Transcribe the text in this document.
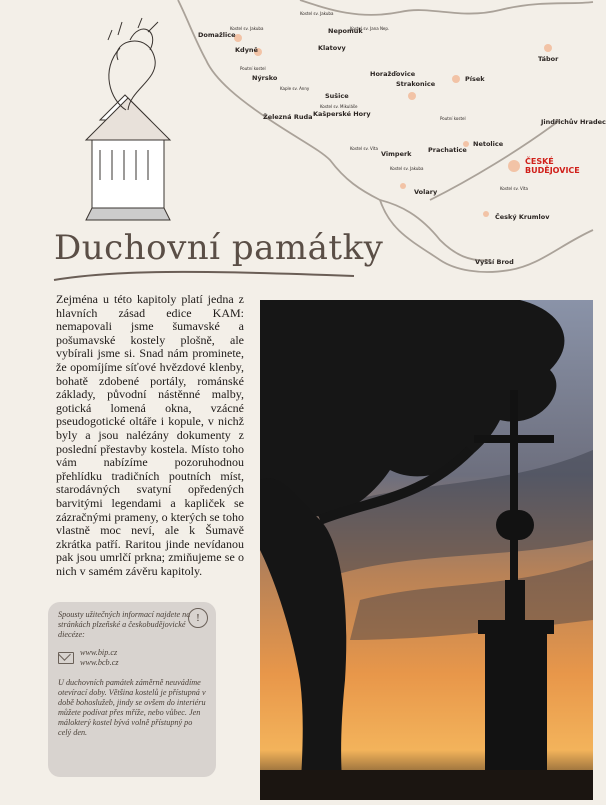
Kostel sv. Jakuba
Kostel sv. Jakuba
Kostel sv. Jana Nep.
Poutní kostel
Kaple sv. Anny
Kostel sv. Mikuláše
Kostel sv. Víta
Kostel sv. Jakuba
Poutní kostel
Kostel sv. Víta
Domažlice
Klatovy
Nepomuk
Horažďovice
Strakonice
Písek
Tábor
Jindřichův Hradec
Sušice
Kašperské Hory
Vimperk	Prachatice
Netolice
ČESKÉ
BUDĚJOVICE
Český Krumlov
Vyšší Brod
Volary
Nýrsko
Železná Ruda
Kdyně
Duchovní památky
Zejména u této kapitoly platí jedna z hlavních zásad edice KAM: nemapovali jsme šumavské a pošumavské kostely plošně, ale vybírali jsme si. Snad nám prominete, že opomíjíme síťové hvězdové klenby, bohatě zdobené portály, románské základy, původní nástěnné malby, gotická lomená okna, vzácné pseudogotické oltáře i kopule, v nichž byly a jsou nalézány dokumenty z poslední přestavby kostela. Místo toho vám nabízíme pozoruhodnou přehlídku tradičních poutních míst, starodávných svatyní opředených barvitými legendami a kapliček se zázračnými prameny, o kterých se toho vlastně moc neví, ale k Šumavě zkrátka patří. Raritou jinde nevídanou pak jsou umrlčí prkna; zmiňujeme se o nich v samém závěru kapitoly.
!

Spousty užitečných informací najdete na stránkách plzeňské a českobudějovické diecéze:

www.bip.cz
www.bcb.cz

U duchovních památek záměrně neuvádíme otevírací doby. Většina kostelů je přístupná v době bohoslužeb, jindy se ovšem do interiéru můžete podívat přes mříže, nebo vůbec. Jen málokterý kostel bývá volně přístupný po celý den.
